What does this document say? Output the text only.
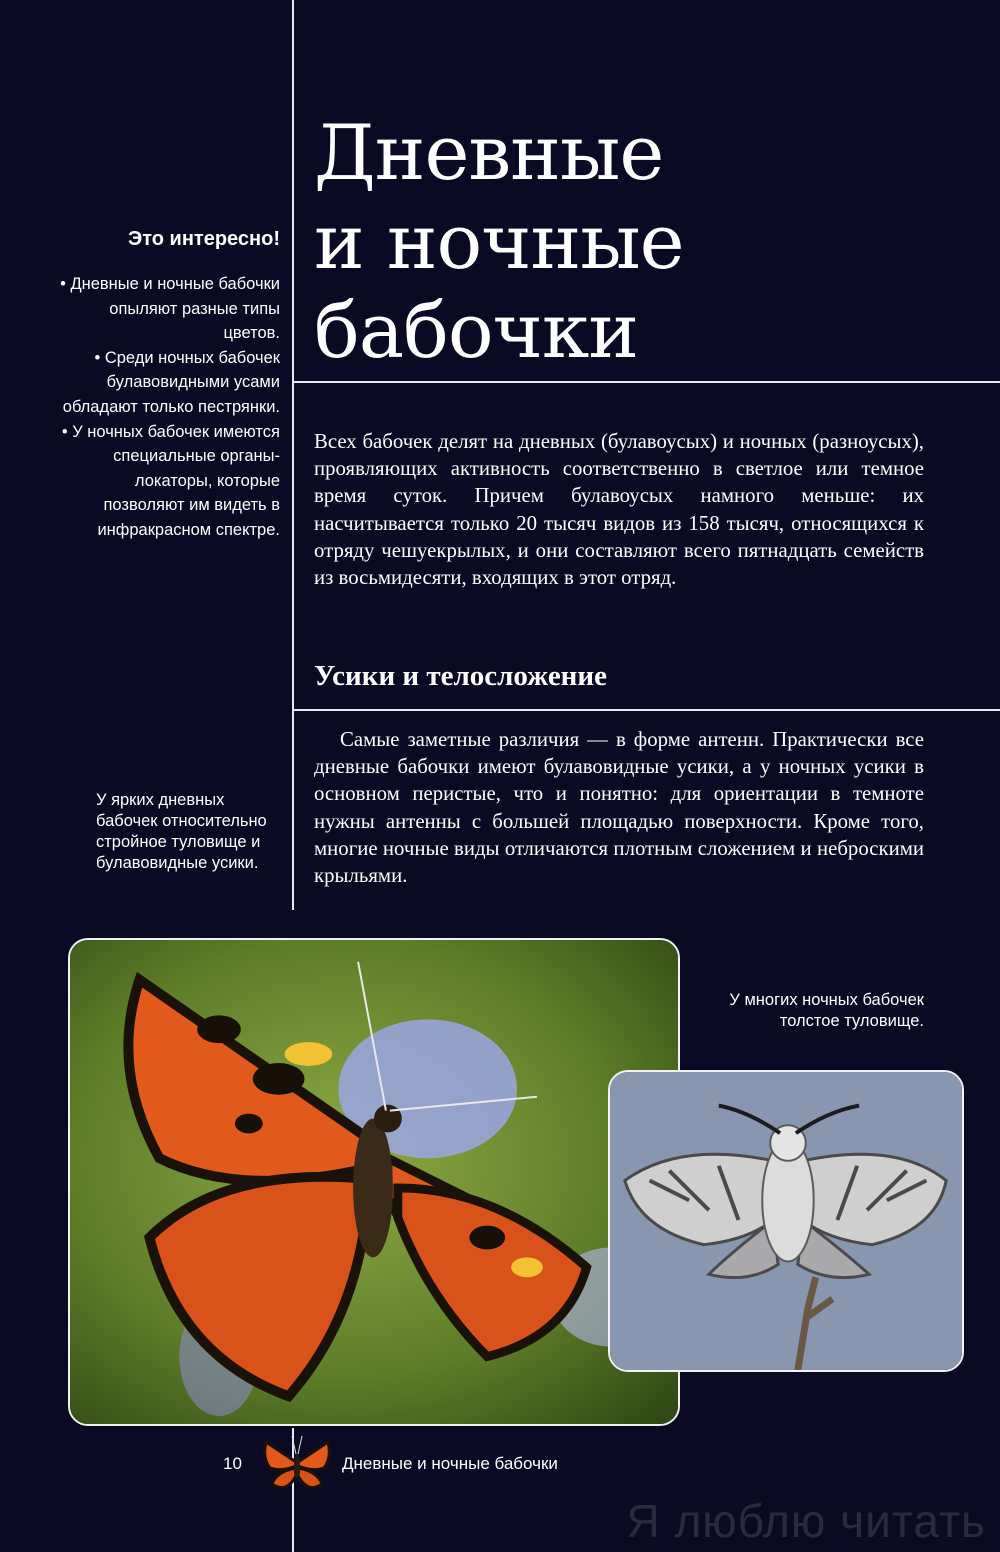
Дневные
и ночные
бабочки
Это интересно!
• Дневные и ночные бабочки опыляют разные типы цветов.
• Среди ночных бабочек булавовидными усами обладают только пестрянки.
• У ночных бабочек имеются специальные органы-локаторы, которые позволяют им видеть в инфракрасном спектре.

Всех бабочек делят на дневных (булавоусых) и ночных (разноусых), проявляющих активность соответственно в светлое или темное время суток. Причем булавоусых намного меньше: их насчитывается только 20 тысяч видов из 158 тысяч, относящихся к отряду чешуекрылых, и они составляют всего пятнадцать семейств из восьмидесяти, входящих в этот отряд.

Усики и телосложение

Самые заметные различия — в форме антенн. Практически все дневные бабочки имеют булавовидные усики, а у ночных усики в основном перистые, что и понятно: для ориентации в темноте нужны антенны с большей площадью поверхности. Кроме того, многие ночные виды отличаются плотным сложением и неброскими крыльями.

У ярких дневных бабочек относительно стройное туловище и булавовидные усики.

У многих ночных бабочек толстое туловище.

10	Дневные и ночные бабочки
Я люблю читать
